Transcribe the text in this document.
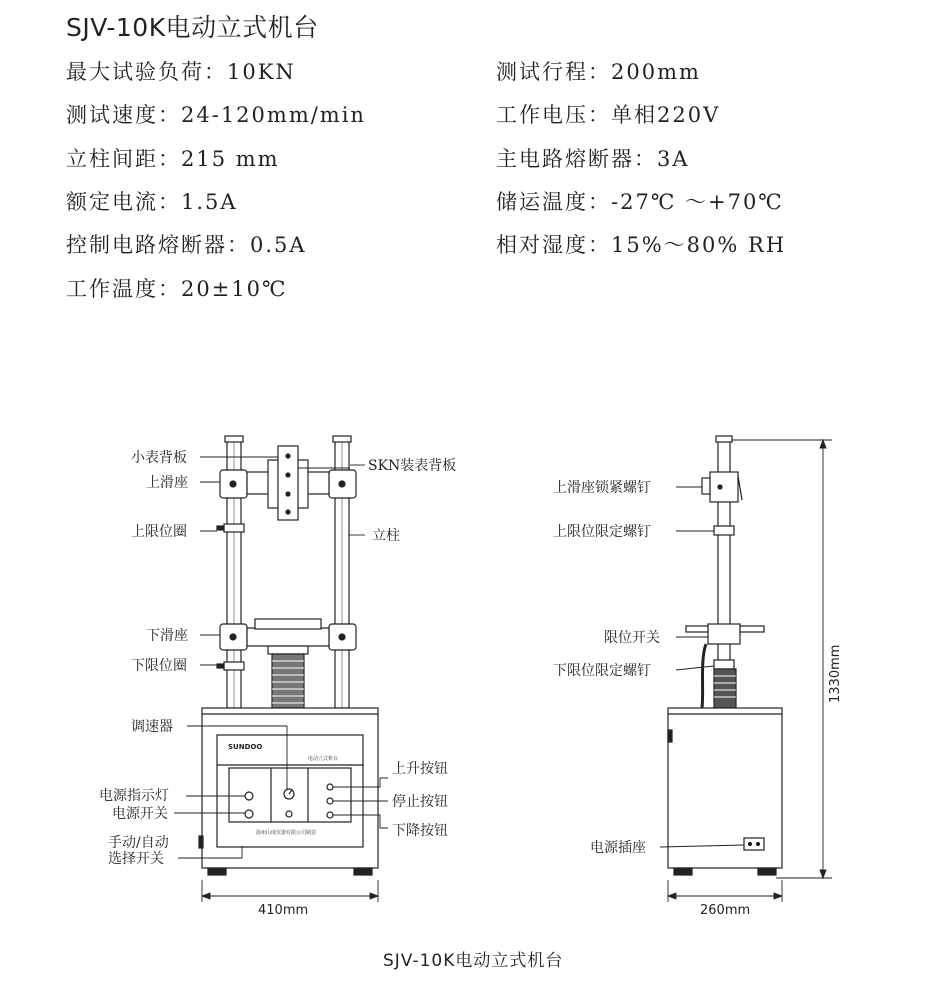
SJV-10K电动立式机台
最大试验负荷：10KN
测试速度：24-120mm/min
立柱间距：215 mm
额定电流：1.5A
控制电路熔断器：0.5A
工作温度：20±10℃
测试行程：200mm
工作电压：单相220V
主电路熔断器：3A
储运温度：-27℃ ～+70℃
相对湿度：15%～80% RH
SUNDOO
电动立式机台
温州山度仪器有限公司制造
小表背板
上滑座
上限位圈
下滑座
下限位圈
调速器
电源指示灯
电源开关
手动/自动
选择开关
SKN装表背板
立柱
上升按钮
停止按钮
下降按钮
410mm
上滑座锁紧螺钉
上限位限定螺钉
限位开关
下限位限定螺钉
电源插座
1330mm
260mm
SJV-10K电动立式机台
